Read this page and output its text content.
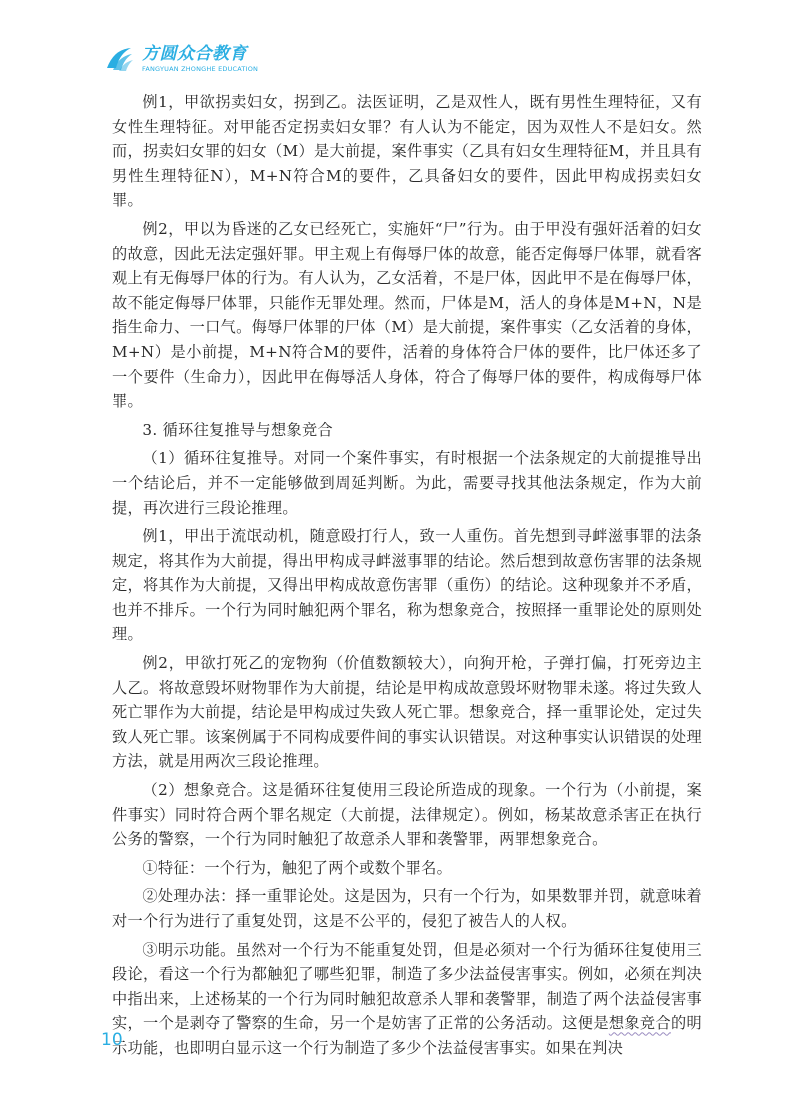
方圆众合教育
FANGYUAN ZHONGHE EDUCATION

例1，甲欲拐卖妇女，拐到乙。法医证明，乙是双性人，既有男性生理特征，又有女性生理特征。对甲能否定拐卖妇女罪？有人认为不能定，因为双性人不是妇女。然而，拐卖妇女罪的妇女（M）是大前提，案件事实（乙具有妇女生理特征M，并且具有男性生理特征N），M+N符合M的要件，乙具备妇女的要件，因此甲构成拐卖妇女罪。

例2，甲以为昏迷的乙女已经死亡，实施奸“尸”行为。由于甲没有强奸活着的妇女的故意，因此无法定强奸罪。甲主观上有侮辱尸体的故意，能否定侮辱尸体罪，就看客观上有无侮辱尸体的行为。有人认为，乙女活着，不是尸体，因此甲不是在侮辱尸体，故不能定侮辱尸体罪，只能作无罪处理。然而，尸体是M，活人的身体是M+N，N是指生命力、一口气。侮辱尸体罪的尸体（M）是大前提，案件事实（乙女活着的身体，M+N）是小前提，M+N符合M的要件，活着的身体符合尸体的要件，比尸体还多了一个要件（生命力），因此甲在侮辱活人身体，符合了侮辱尸体的要件，构成侮辱尸体罪。

3. 循环往复推导与想象竞合

（1）循环往复推导。对同一个案件事实，有时根据一个法条规定的大前提推导出一个结论后，并不一定能够做到周延判断。为此，需要寻找其他法条规定，作为大前提，再次进行三段论推理。

例1，甲出于流氓动机，随意殴打行人，致一人重伤。首先想到寻衅滋事罪的法条规定，将其作为大前提，得出甲构成寻衅滋事罪的结论。然后想到故意伤害罪的法条规定，将其作为大前提，又得出甲构成故意伤害罪（重伤）的结论。这种现象并不矛盾，也并不排斥。一个行为同时触犯两个罪名，称为想象竞合，按照择一重罪论处的原则处理。

例2，甲欲打死乙的宠物狗（价值数额较大），向狗开枪，子弹打偏，打死旁边主人乙。将故意毁坏财物罪作为大前提，结论是甲构成故意毁坏财物罪未遂。将过失致人死亡罪作为大前提，结论是甲构成过失致人死亡罪。想象竞合，择一重罪论处，定过失致人死亡罪。该案例属于不同构成要件间的事实认识错误。对这种事实认识错误的处理方法，就是用两次三段论推理。

（2）想象竞合。这是循环往复使用三段论所造成的现象。一个行为（小前提，案件事实）同时符合两个罪名规定（大前提，法律规定）。例如，杨某故意杀害正在执行公务的警察，一个行为同时触犯了故意杀人罪和袭警罪，两罪想象竞合。

①特征：一个行为，触犯了两个或数个罪名。

②处理办法：择一重罪论处。这是因为，只有一个行为，如果数罪并罚，就意味着对一个行为进行了重复处罚，这是不公平的，侵犯了被告人的人权。

③明示功能。虽然对一个行为不能重复处罚，但是必须对一个行为循环往复使用三段论，看这一个行为都触犯了哪些犯罪，制造了多少法益侵害事实。例如，必须在判决中指出来，上述杨某的一个行为同时触犯故意杀人罪和袭警罪，制造了两个法益侵害事实，一个是剥夺了警察的生命，另一个是妨害了正常的公务活动。这便是想象竞合的明示功能，也即明白显示这一个行为制造了多少个法益侵害事实。如果在判决

10
